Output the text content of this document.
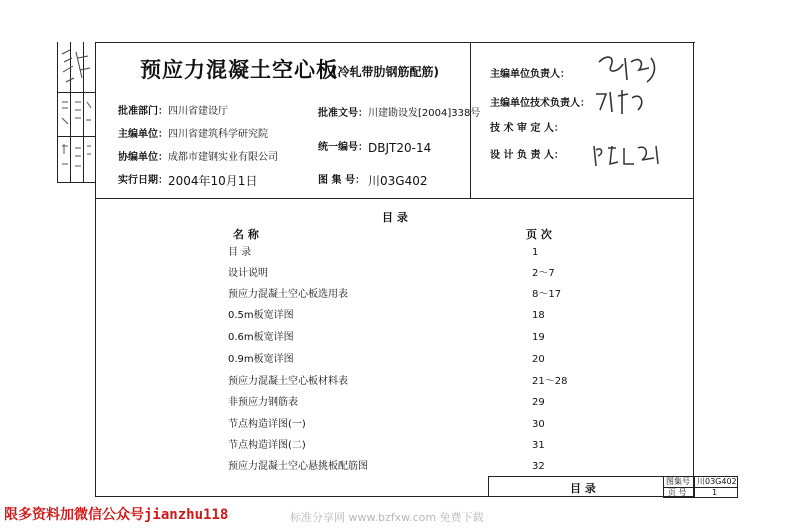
预应力混凝土空心板
(冷轧带肋钢筋配筋)
批准部门： 四川省建设厅
主编单位： 四川省建筑科学研究院
协编单位： 成都市建钢实业有限公司
实行日期： 2004年10月1日
批准文号： 川建勘设发[2004]338号
统一编号： DBJT20-14
图 集 号： 川03G402
主编单位负责人：
主编单位技术负责人：
技 术 审 定 人：
设 计 负 责 人：
目 录
名 称	页 次
目 录	1
设计说明	2～7
预应力混凝土空心板选用表	8～17
0.5m板宽详图	18
0.6m板宽详图	19
0.9m板宽详图	20
预应力混凝土空心板材料表	21～28
非预应力钢筋表	29
节点构造详图(一)	30
节点构造详图(二)	31
预应力混凝土空心悬挑板配筋图	32
目 录
图集号 川03G402
页 号	1
限多资料加微信公众号jianzhu118	标准分享网 www.bzfxw.com 免费下载
